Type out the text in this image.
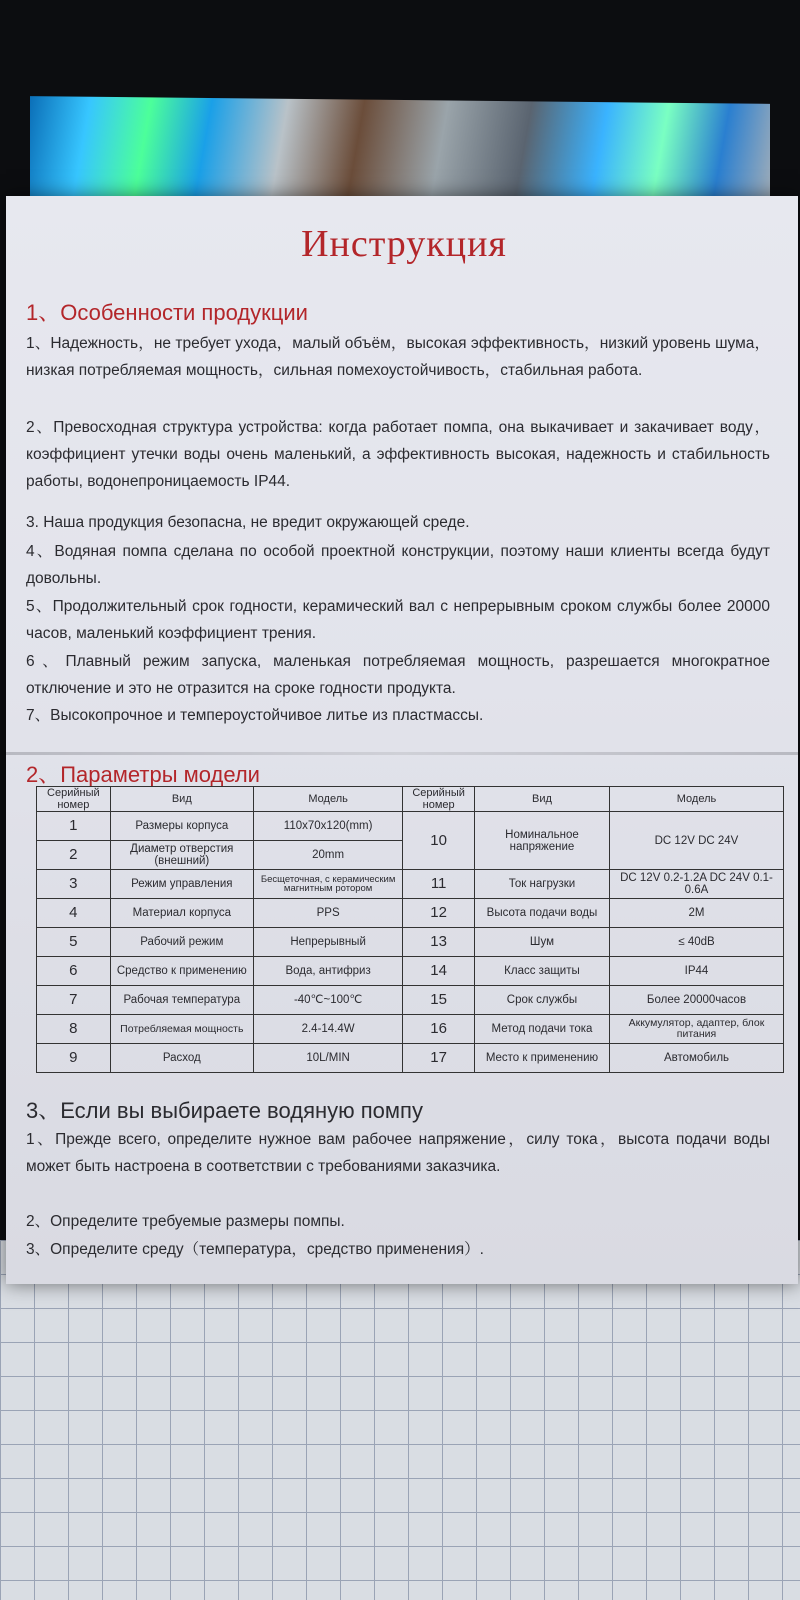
Инструкция
1、Особенности продукции
1、Надежность，не требует ухода，малый объём，высокая эффективность，низкий уровень шума，низкая потребляемая мощность，сильная помехоустойчивость，стабильная работа.
2、Превосходная структура устройства: когда работает помпа, она выкачивает и закачивает воду，коэффициент утечки воды очень маленький, а эффективность высокая, надежность и стабильность работы, водонепроницаемость IP44.
3. Наша продукция безопасна, не вредит окружающей среде.
4、Водяная помпа сделана по особой проектной конструкции, поэтому наши клиенты всегда будут довольны.
5、Продолжительный срок годности, керамический вал с непрерывным сроком службы более 20000 часов, маленький коэффициент трения.
6、Плавный режим запуска, маленькая потребляемая мощность, разрешается многократное отключение и это не отразится на сроке годности продукта.
7、Высокопрочное и темпероустойчивое литье из пластмассы.
2、Параметры модели
Серийный номер	Вид	Модель	Серийный номер	Вид	Модель
1	Размеры корпуса	110x70x120(mm)	10	Номинальное напряжение	DC 12V DC 24V
2	Диаметр отверстия (внешний)	20mm			
3	Режим управления	Бесщеточная, с керамическим магнитным ротором	11	Ток нагрузки	DC 12V 0.2-1.2A DC 24V 0.1-0.6A
4	Материал корпуса	PPS	12	Высота подачи воды	2M
5	Рабочий режим	Непрерывный	13	Шум	≤ 40dB
6	Средство к применению	Вода, антифриз	14	Класс защиты	IP44
7	Рабочая температура	-40℃~100℃	15	Срок службы	Более 20000часов
8	Потребляемая мощность	2.4-14.4W	16	Метод подачи тока	Аккумулятор, адаптер, блок питания
9	Расход	10L/MIN	17	Место к применению	Автомобиль
3、Если вы выбираете водяную помпу
1、Прежде всего, определите нужное вам рабочее напряжение，силу тока，высота подачи воды может быть настроена в соответствии с требованиями заказчика.
2、Определите требуемые размеры помпы.
3、Определите среду（температура，средство применения）.
